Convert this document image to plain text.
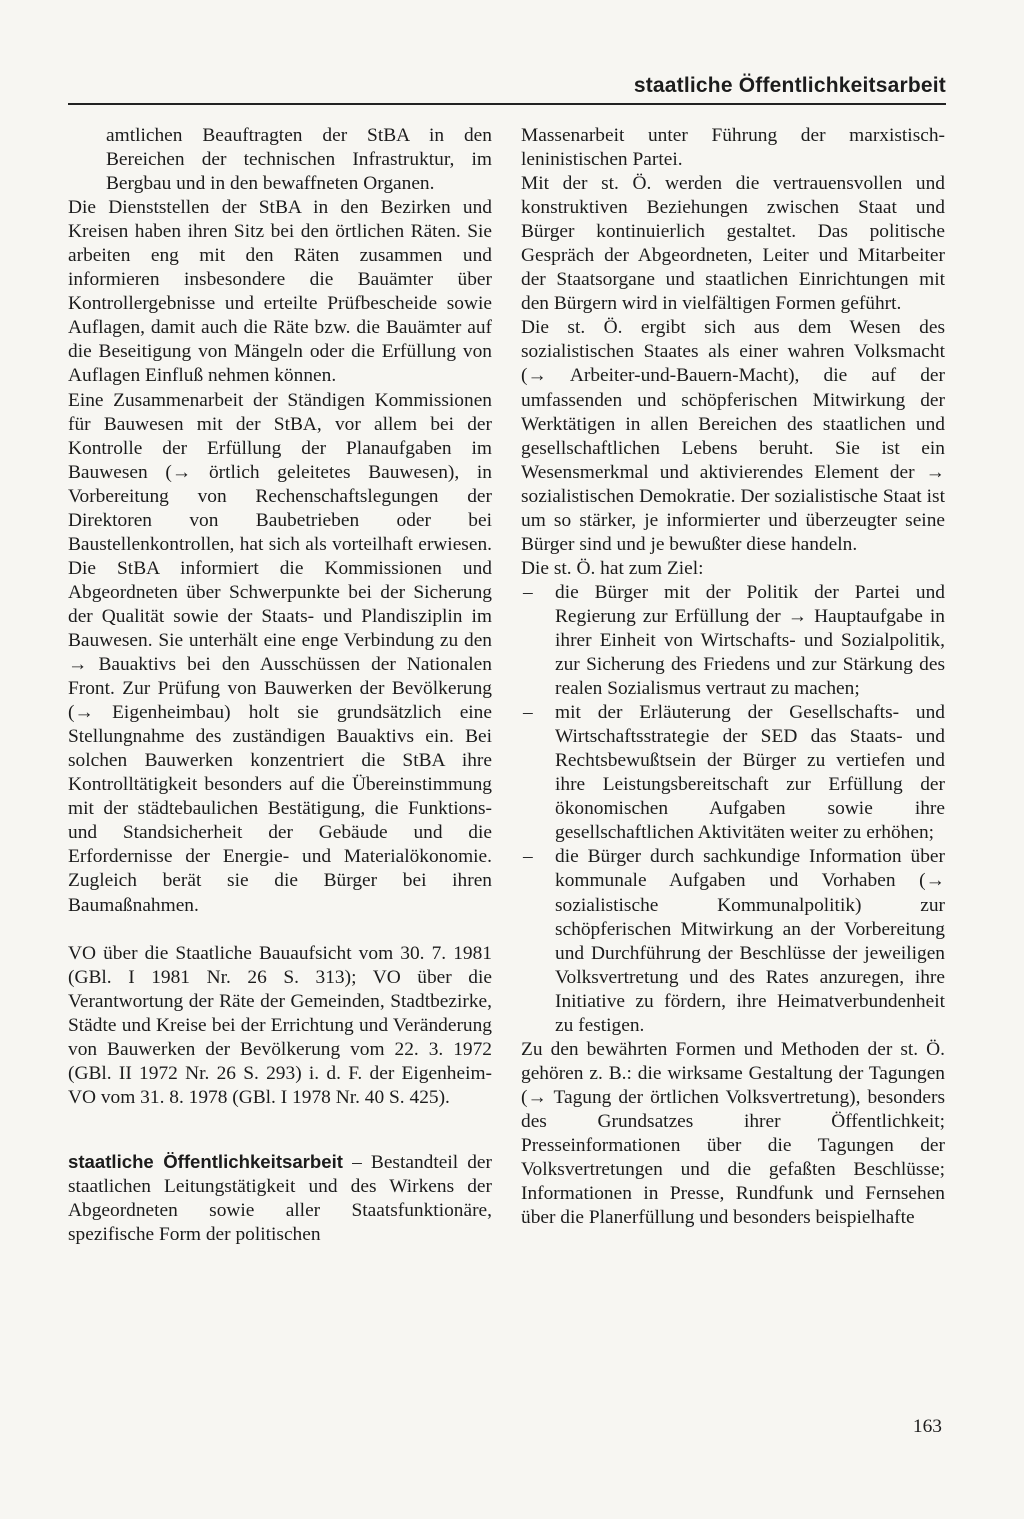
staatliche Öffentlichkeitsarbeit

amtlichen Beauftragten der StBA in den Bereichen der technischen Infrastruktur, im Bergbau und in den bewaffneten Organen.

Die Dienststellen der StBA in den Bezirken und Kreisen haben ihren Sitz bei den örtlichen Räten. Sie arbeiten eng mit den Räten zusammen und informieren insbesondere die Bauämter über Kontrollergebnisse und erteilte Prüfbescheide sowie Auflagen, damit auch die Räte bzw. die Bauämter auf die Beseitigung von Mängeln oder die Erfüllung von Auflagen Einfluß nehmen können.

Eine Zusammenarbeit der Ständigen Kommissionen für Bauwesen mit der StBA, vor allem bei der Kontrolle der Erfüllung der Planaufgaben im Bauwesen (→ örtlich geleitetes Bauwesen), in Vorbereitung von Rechenschaftslegungen der Direktoren von Baubetrieben oder bei Baustellenkontrollen, hat sich als vorteilhaft erwiesen. Die StBA informiert die Kommissionen und Abgeordneten über Schwerpunkte bei der Sicherung der Qualität sowie der Staats- und Plandisziplin im Bauwesen. Sie unterhält eine enge Verbindung zu den → Bauaktivs bei den Ausschüssen der Nationalen Front. Zur Prüfung von Bauwerken der Bevölkerung (→ Eigenheimbau) holt sie grundsätzlich eine Stellungnahme des zuständigen Bauaktivs ein. Bei solchen Bauwerken konzentriert die StBA ihre Kontrolltätigkeit besonders auf die Übereinstimmung mit der städtebaulichen Bestätigung, die Funktions- und Standsicherheit der Gebäude und die Erfordernisse der Energie- und Materialökonomie. Zugleich berät sie die Bürger bei ihren Baumaßnahmen.

VO über die Staatliche Bauaufsicht vom 30. 7. 1981 (GBl. I 1981 Nr. 26 S. 313); VO über die Verantwortung der Räte der Gemeinden, Stadtbezirke, Städte und Kreise bei der Errichtung und Veränderung von Bauwerken der Bevölkerung vom 22. 3. 1972 (GBl. II 1972 Nr. 26 S. 293) i. d. F. der Eigenheim-VO vom 31. 8. 1978 (GBl. I 1978 Nr. 40 S. 425).

staatliche Öffentlichkeitsarbeit – Bestandteil der staatlichen Leitungstätigkeit und des Wirkens der Abgeordneten sowie aller Staatsfunktionäre, spezifische Form der politischen

Massenarbeit unter Führung der marxistisch-leninistischen Partei.

Mit der st. Ö. werden die vertrauensvollen und konstruktiven Beziehungen zwischen Staat und Bürger kontinuierlich gestaltet. Das politische Gespräch der Abgeordneten, Leiter und Mitarbeiter der Staatsorgane und staatlichen Einrichtungen mit den Bürgern wird in vielfältigen Formen geführt.

Die st. Ö. ergibt sich aus dem Wesen des sozialistischen Staates als einer wahren Volksmacht (→ Arbeiter-und-Bauern-Macht), die auf der umfassenden und schöpferischen Mitwirkung der Werktätigen in allen Bereichen des staatlichen und gesellschaftlichen Lebens beruht. Sie ist ein Wesensmerkmal und aktivierendes Element der → sozialistischen Demokratie. Der sozialistische Staat ist um so stärker, je informierter und überzeugter seine Bürger sind und je bewußter diese handeln.

Die st. Ö. hat zum Ziel:

– die Bürger mit der Politik der Partei und Regierung zur Erfüllung der → Hauptaufgabe in ihrer Einheit von Wirtschafts- und Sozialpolitik, zur Sicherung des Friedens und zur Stärkung des realen Sozialismus vertraut zu machen;
– mit der Erläuterung der Gesellschafts- und Wirtschaftsstrategie der SED das Staats- und Rechtsbewußtsein der Bürger zu vertiefen und ihre Leistungsbereitschaft zur Erfüllung der ökonomischen Aufgaben sowie ihre gesellschaftlichen Aktivitäten weiter zu erhöhen;
– die Bürger durch sachkundige Information über kommunale Aufgaben und Vorhaben (→ sozialistische Kommunalpolitik) zur schöpferischen Mitwirkung an der Vorbereitung und Durchführung der Beschlüsse der jeweiligen Volksvertretung und des Rates anzuregen, ihre Initiative zu fördern, ihre Heimatverbundenheit zu festigen.

Zu den bewährten Formen und Methoden der st. Ö. gehören z. B.: die wirksame Gestaltung der Tagungen (→ Tagung der örtlichen Volksvertretung), besonders des Grundsatzes ihrer Öffentlichkeit; Presseinformationen über die Tagungen der Volksvertretungen und die gefaßten Beschlüsse; Informationen in Presse, Rundfunk und Fernsehen über die Planerfüllung und besonders beispielhafte

163
